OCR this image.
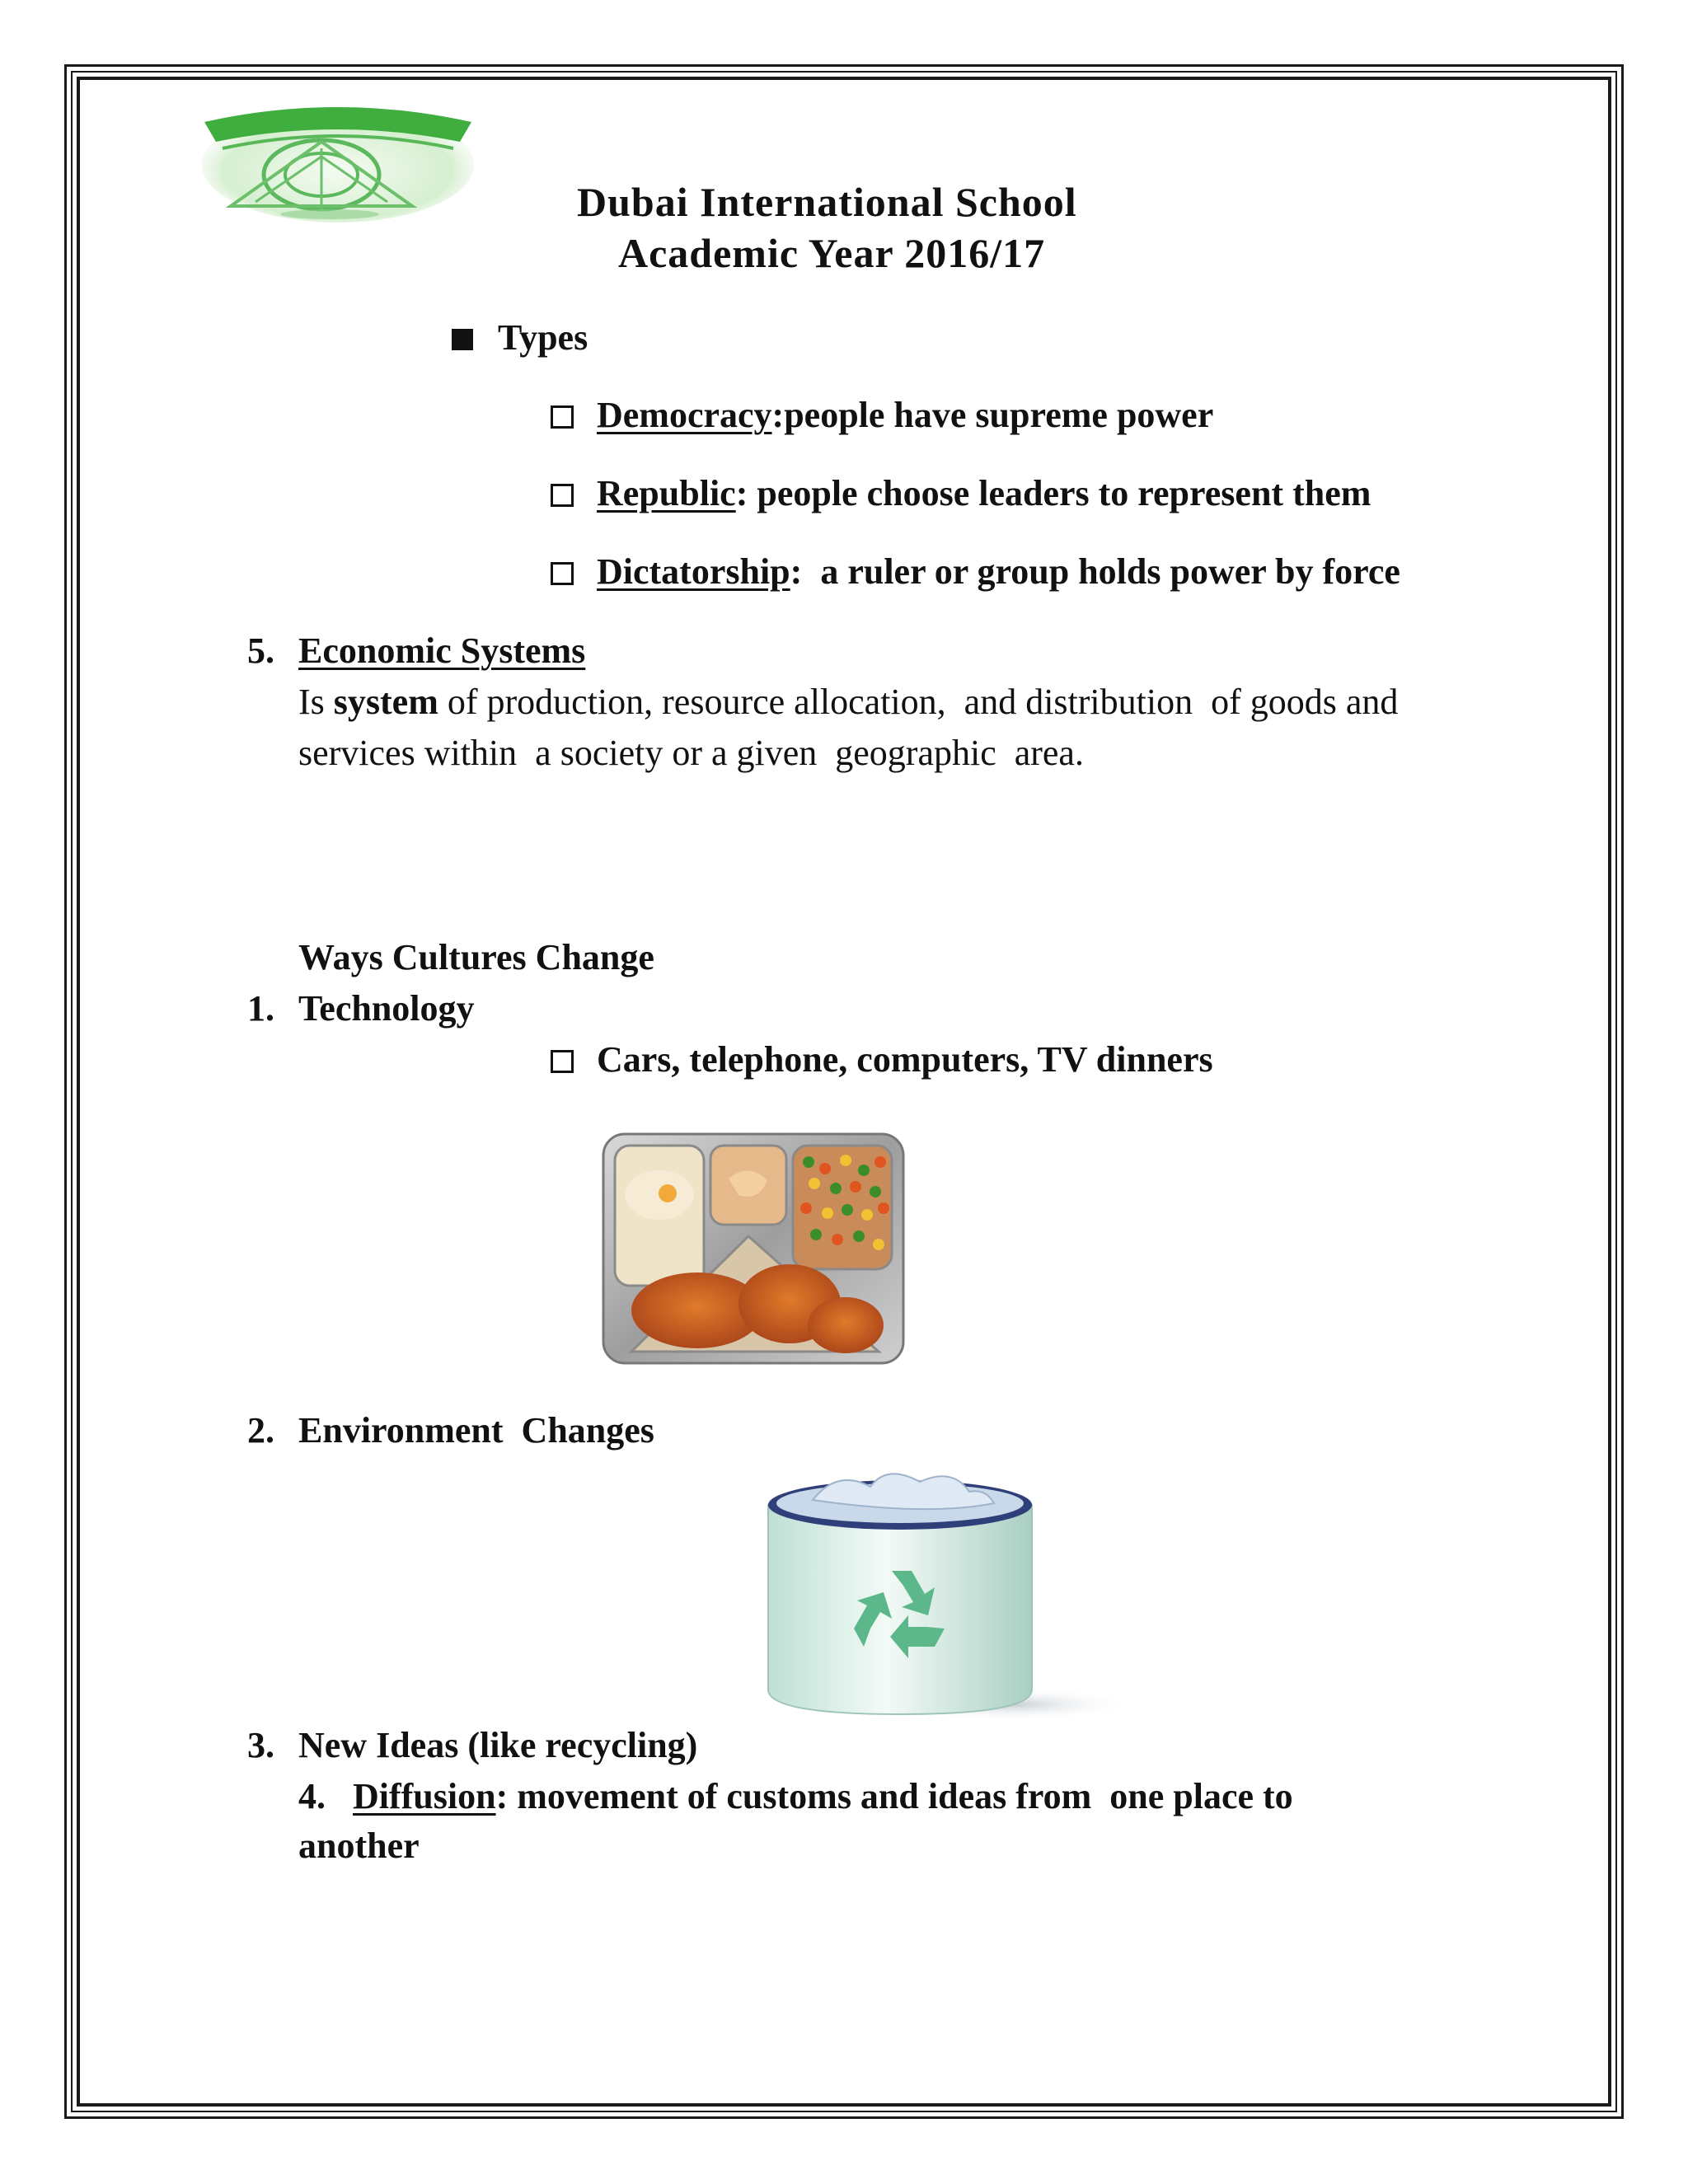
Dubai International School
Academic Year 2016/17
Types
Democracy:people have supreme power
Republic: people choose leaders to represent them
Dictatorship:  a ruler or group holds power by force
5. Economic Systems
Is system of production, resource allocation,  and distribution  of goods and
services within  a society or a given  geographic  area.
Ways Cultures Change
1. Technology
Cars, telephone, computers, TV dinners
2. Environment  Changes
3. New Ideas (like recycling)
4. Diffusion: movement of customs and ideas from  one place to
another
